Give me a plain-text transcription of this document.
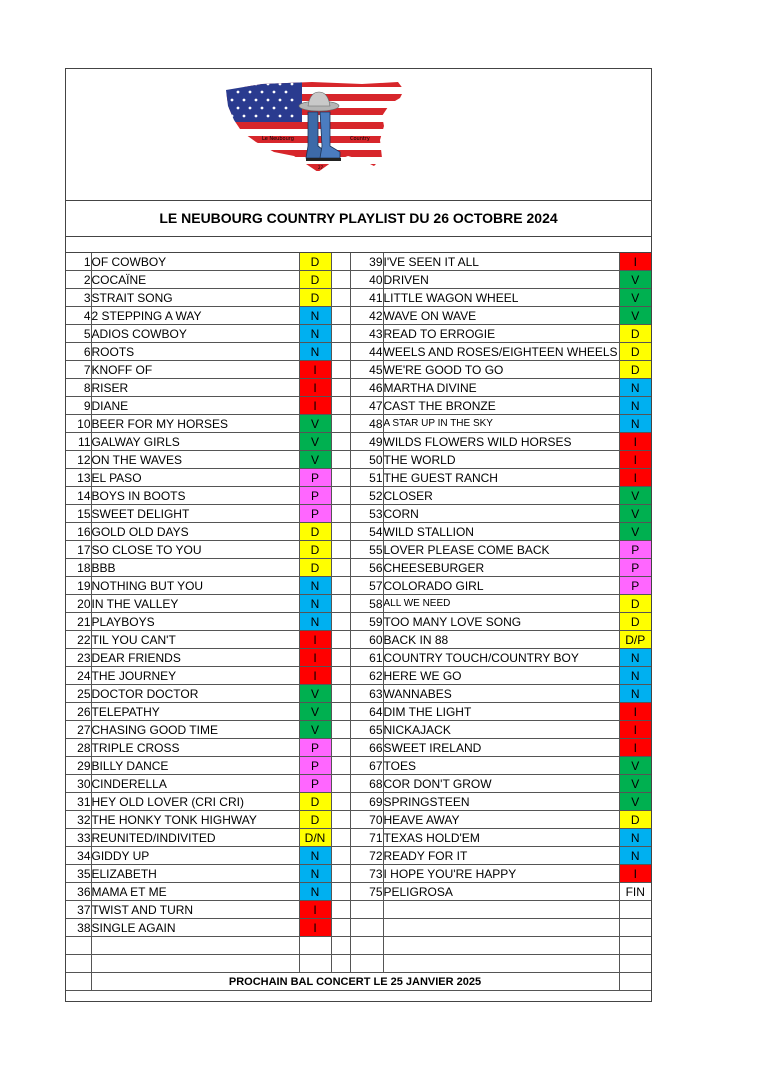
Le Neubourg	Country
27
LE NEUBOURG COUNTRY PLAYLIST DU 26 OCTOBRE 2024
1	OF COWBOY	D		39	I'VE SEEN IT ALL	I
2	COCAÏNE	D		40	DRIVEN	V
3	STRAIT SONG	D		41	LITTLE WAGON WHEEL	V
4	2 STEPPING A WAY	N		42	WAVE ON WAVE	V
5	ADIOS COWBOY	N		43	READ TO ERROGIE	D
6	ROOTS	N		44	WEELS AND ROSES/EIGHTEEN WHEELS	D
7	KNOFF OF	I		45	WE'RE GOOD TO GO	D
8	RISER	I		46	MARTHA DIVINE	N
9	DIANE	I		47	CAST THE BRONZE	N
10	BEER FOR MY HORSES	V		48	A STAR UP IN THE SKY	N
11	GALWAY GIRLS	V		49	WILDS FLOWERS WILD HORSES	I
12	ON THE WAVES	V		50	THE WORLD	I
13	EL PASO	P		51	THE GUEST RANCH	I
14	BOYS IN BOOTS	P		52	CLOSER	V
15	SWEET DELIGHT	P		53	CORN	V
16	GOLD OLD DAYS	D		54	WILD STALLION	V
17	SO CLOSE TO YOU	D		55	LOVER PLEASE COME BACK	P
18	BBB	D		56	CHEESEBURGER	P
19	NOTHING BUT YOU	N		57	COLORADO GIRL	P
20	IN THE VALLEY	N		58	ALL WE NEED	D
21	PLAYBOYS	N		59	TOO MANY LOVE SONG	D
22	TIL YOU CAN'T	I		60	BACK IN 88	D/P
23	DEAR FRIENDS	I		61	COUNTRY TOUCH/COUNTRY BOY	N
24	THE JOURNEY	I		62	HERE WE GO	N
25	DOCTOR DOCTOR	V		63	WANNABES	N
26	TELEPATHY	V		64	DIM THE LIGHT	I
27	CHASING GOOD TIME	V		65	NICKAJACK	I
28	TRIPLE CROSS	P		66	SWEET IRELAND	I
29	BILLY DANCE	P		67	TOES	V
30	CINDERELLA	P		68	COR DON'T GROW	V
31	HEY OLD LOVER (CRI CRI)	D		69	SPRINGSTEEN	V
32	THE HONKY TONK HIGHWAY	D		70	HEAVE AWAY	D
33	REUNITED/INDIVITED	D/N		71	TEXAS HOLD'EM	N
34	GIDDY UP	N		72	READY FOR IT	N
35	ELIZABETH	N		73	I HOPE YOU'RE HAPPY	I
36	MAMA ET ME	N		75	PELIGROSA	FIN
37	TWIST AND TURN	I				
38	SINGLE AGAIN	I				

	PROCHAIN BAL CONCERT LE 25 JANVIER 2025					
